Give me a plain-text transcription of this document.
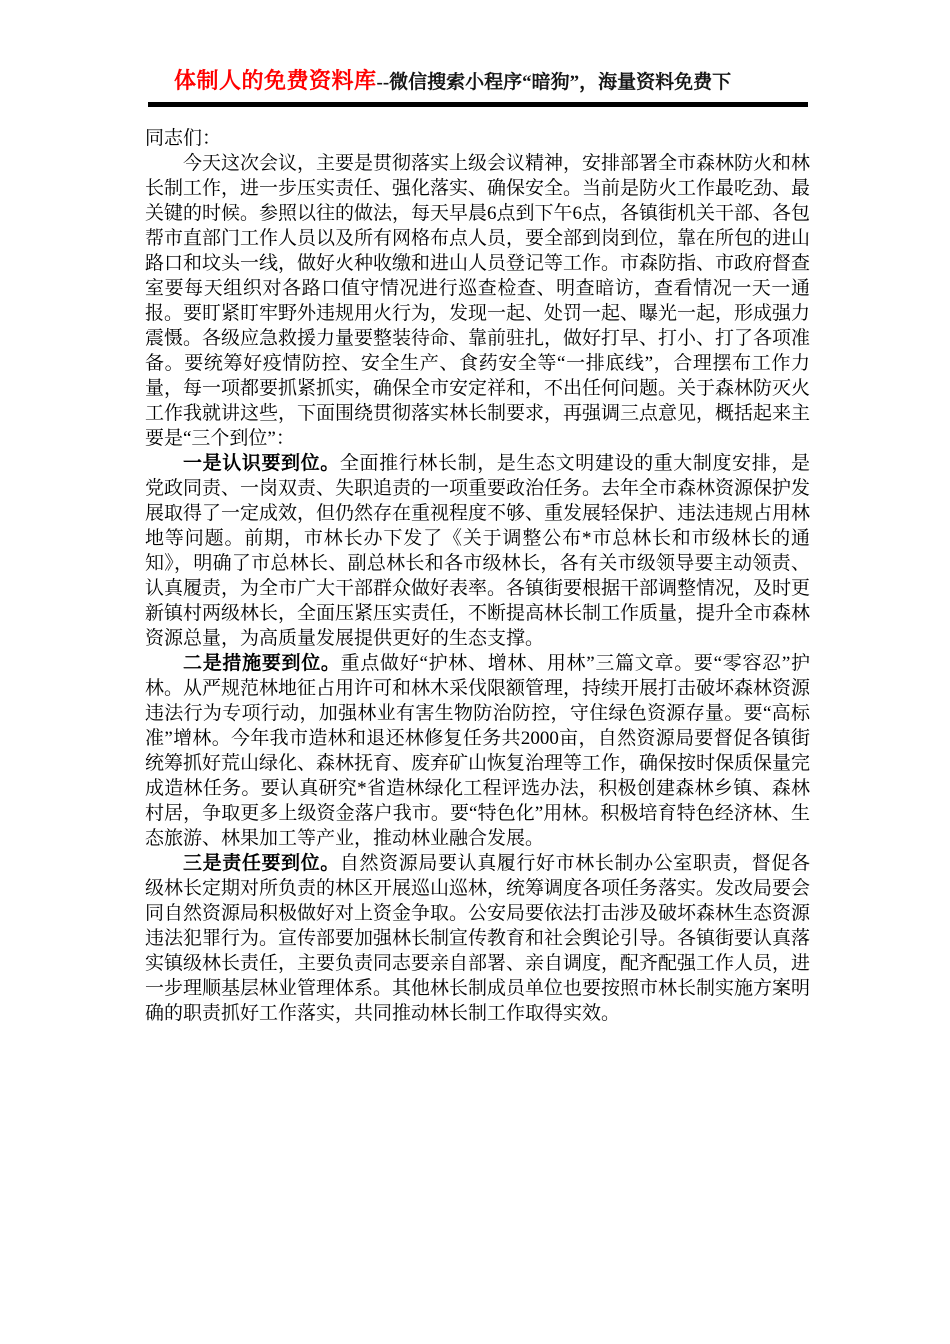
体制人的免费资料库--微信搜索小程序“暗狗”，海量资料免费下

同志们：

今天这次会议，主要是贯彻落实上级会议精神，安排部署全市森林防火和林长制工作，进一步压实责任、强化落实、确保安全。当前是防火工作最吃劲、最关键的时候。参照以往的做法，每天早晨6点到下午6点，各镇街机关干部、各包帮市直部门工作人员以及所有网格布点人员，要全部到岗到位，靠在所包的进山路口和坟头一线，做好火种收缴和进山人员登记等工作。市森防指、市政府督查室要每天组织对各路口值守情况进行巡查检查、明查暗访，查看情况一天一通报。要盯紧盯牢野外违规用火行为，发现一起、处罚一起、曝光一起，形成强力震慑。各级应急救援力量要整装待命、靠前驻扎，做好打早、打小、打了各项准备。要统筹好疫情防控、安全生产、食药安全等“一排底线”，合理摆布工作力量，每一项都要抓紧抓实，确保全市安定祥和，不出任何问题。关于森林防灭火工作我就讲这些，下面围绕贯彻落实林长制要求，再强调三点意见，概括起来主要是“三个到位”：

一是认识要到位。全面推行林长制，是生态文明建设的重大制度安排，是党政同责、一岗双责、失职追责的一项重要政治任务。去年全市森林资源保护发展取得了一定成效，但仍然存在重视程度不够、重发展轻保护、违法违规占用林地等问题。前期，市林长办下发了《关于调整公布*市总林长和市级林长的通知》，明确了市总林长、副总林长和各市级林长，各有关市级领导要主动领责、认真履责，为全市广大干部群众做好表率。各镇街要根据干部调整情况，及时更新镇村两级林长，全面压紧压实责任，不断提高林长制工作质量，提升全市森林资源总量，为高质量发展提供更好的生态支撑。

二是措施要到位。重点做好“护林、增林、用林”三篇文章。要“零容忍”护林。从严规范林地征占用许可和林木采伐限额管理，持续开展打击破坏森林资源违法行为专项行动，加强林业有害生物防治防控，守住绿色资源存量。要“高标准”增林。今年我市造林和退还林修复任务共2000亩，自然资源局要督促各镇街统筹抓好荒山绿化、森林抚育、废弃矿山恢复治理等工作，确保按时保质保量完成造林任务。要认真研究*省造林绿化工程评选办法，积极创建森林乡镇、森林村居，争取更多上级资金落户我市。要“特色化”用林。积极培育特色经济林、生态旅游、林果加工等产业，推动林业融合发展。

三是责任要到位。自然资源局要认真履行好市林长制办公室职责，督促各级林长定期对所负责的林区开展巡山巡林，统筹调度各项任务落实。发改局要会同自然资源局积极做好对上资金争取。公安局要依法打击涉及破坏森林生态资源违法犯罪行为。宣传部要加强林长制宣传教育和社会舆论引导。各镇街要认真落实镇级林长责任，主要负责同志要亲自部署、亲自调度，配齐配强工作人员，进一步理顺基层林业管理体系。其他林长制成员单位也要按照市林长制实施方案明确的职责抓好工作落实，共同推动林长制工作取得实效。
